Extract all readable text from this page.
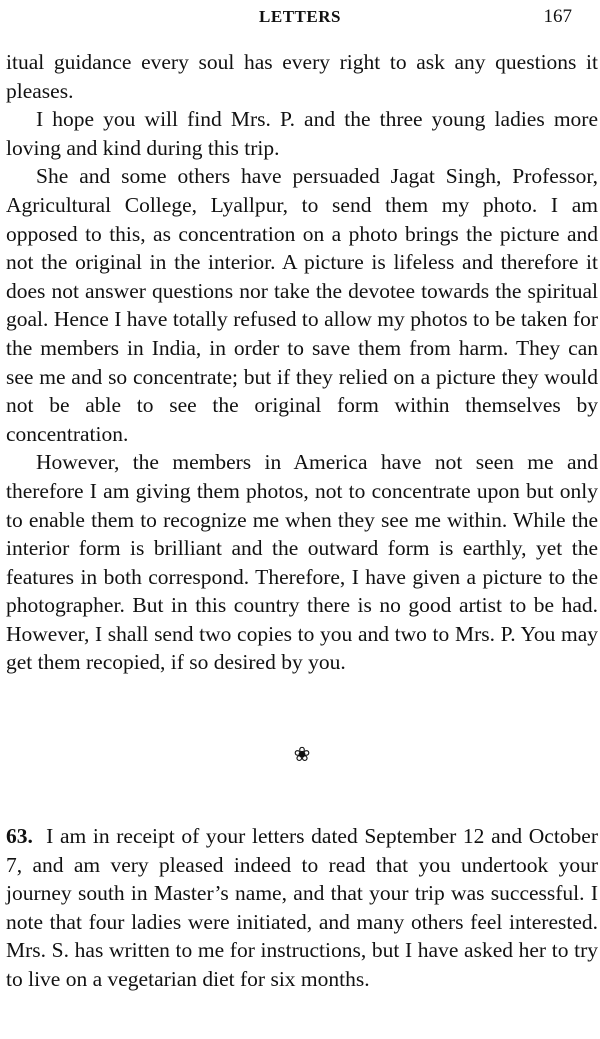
LETTERS	167

itual guidance every soul has every right to ask any questions it pleases.

I hope you will find Mrs. P. and the three young ladies more loving and kind during this trip.

She and some others have persuaded Jagat Singh, Professor, Agricultural College, Lyallpur, to send them my photo. I am opposed to this, as concentration on a photo brings the picture and not the original in the interior. A picture is lifeless and therefore it does not answer questions nor take the devotee towards the spiritual goal. Hence I have totally refused to allow my photos to be taken for the members in India, in order to save them from harm. They can see me and so concentrate; but if they relied on a picture they would not be able to see the original form within themselves by concentration.

However, the members in America have not seen me and therefore I am giving them photos, not to concentrate upon but only to enable them to recognize me when they see me within. While the interior form is brilliant and the outward form is earthly, yet the features in both correspond. Therefore, I have given a picture to the photographer. But in this country there is no good artist to be had. However, I shall send two copies to you and two to Mrs. P. You may get them recopied, if so desired by you.

❀

63. I am in receipt of your letters dated September 12 and October 7, and am very pleased indeed to read that you undertook your journey south in Master’s name, and that your trip was successful. I note that four ladies were initiated, and many others feel interested. Mrs. S. has written to me for instructions, but I have asked her to try to live on a vegetarian diet for six months.
